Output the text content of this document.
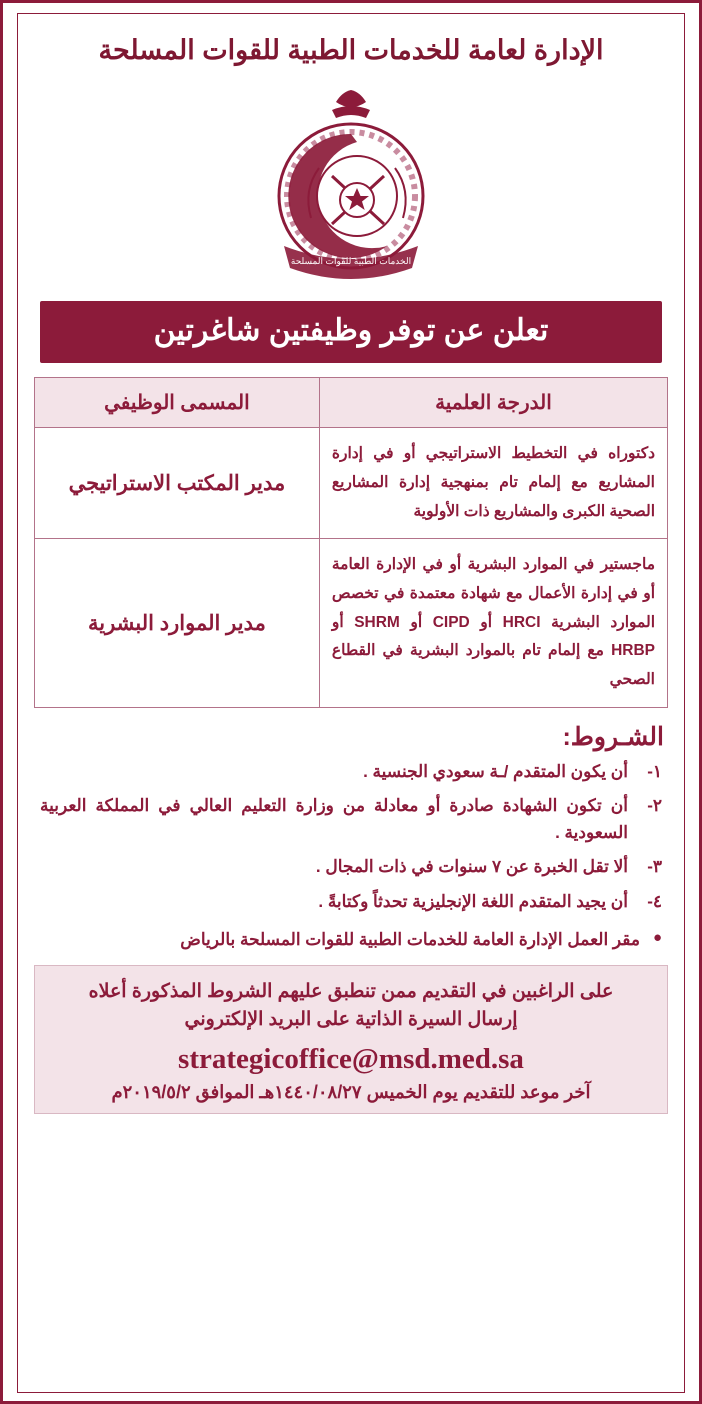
الإدارة لعامة للخدمات الطبية للقوات المسلحة
الخدمات الطبية للقوات المسلحة
تعلن عن توفر وظيفتين شاغرتين
الدرجة العلمية	المسمى الوظيفي
دكتوراه في التخطيط الاستراتيجي أو في إدارة المشاريع مع إلمام تام بمنهجية إدارة المشاريع الصحية الكبرى والمشاريع ذات الأولوية	مدير المكتب الاستراتيجي
ماجستير في الموارد البشرية أو في الإدارة العامة أو في إدارة الأعمال مع شهادة معتمدة في تخصص الموارد البشرية HRCI أو CIPD أو SHRM أو HRBP مع إلمام تام بالموارد البشرية في القطاع الصحي	مدير الموارد البشرية
الشـروط:
١-
أن يكون المتقدم /ـة سعودي الجنسية .
٢-
أن تكون الشهادة صادرة أو معادلة من وزارة التعليم العالي في المملكة العربية السعودية .
٣-
ألا تقل الخبرة عن ٧ سنوات في ذات المجال .
٤-
أن يجيد المتقدم اللغة الإنجليزية تحدثاً وكتابةً .
●
مقر العمل الإدارة العامة للخدمات الطبية للقوات المسلحة بالرياض
على الراغبين في التقديم ممن تنطبق عليهم الشروط المذكورة أعلاه
إرسال السيرة الذاتية على البريد الإلكتروني
strategicoffice@msd.med.sa
آخر موعد للتقديم يوم الخميس ١٤٤٠/٠٨/٢٧هـ الموافق ٢٠١٩/٥/٢م
